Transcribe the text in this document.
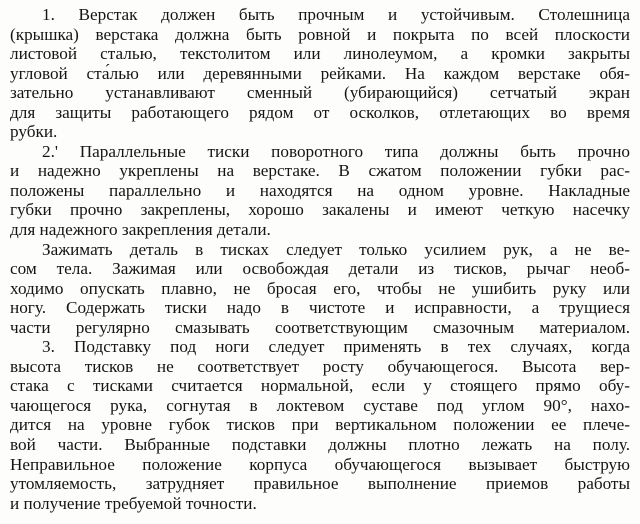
1. Верстак должен быть прочным и устойчивым. Столешница
(крышка) верстака должна быть ровной и покрыта по всей плоскости
листовой сталью, текстолитом или линолеумом, а кромки закрыты
угловой ста́лью или деревянными рейками. На каждом верстаке обя-
зательно устанавливают сменный (убирающийся) сетчатый экран
для защиты работающего рядом от осколков, отлетающих во время
рубки.
2.' Параллельные тиски поворотного типа должны быть прочно
и надежно укреплены на верстаке. В сжатом положении губки рас-
положены параллельно и находятся на одном уровне. Накладные
губки прочно закреплены, хорошо закалены и имеют четкую насечку
для надежного закрепления детали.
Зажимать деталь в тисках следует только усилием рук, а не ве-
сом тела. Зажимая или освобождая детали из тисков, рычаг необ-
ходимо опускать плавно, не бросая его, чтобы не ушибить руку или
ногу. Содержать тиски надо в чистоте и исправности, а трущиеся
части регулярно смазывать соответствующим смазочным материалом.
3. Подставку под ноги следует применять в тех случаях, когда
высота тисков не соответствует росту обучающегося. Высота вер-
стака с тисками считается нормальной, если у стоящего прямо обу-
чающегося рука, согнутая в локтевом суставе под углом 90°, нахо-
дится на уровне губок тисков при вертикальном положении ее плече-
вой части. Выбранные подставки должны плотно лежать на полу.
Неправильное положение корпуса обучающегося вызывает быструю
утомляемость, затрудняет правильное выполнение приемов работы
и получение требуемой точности.
